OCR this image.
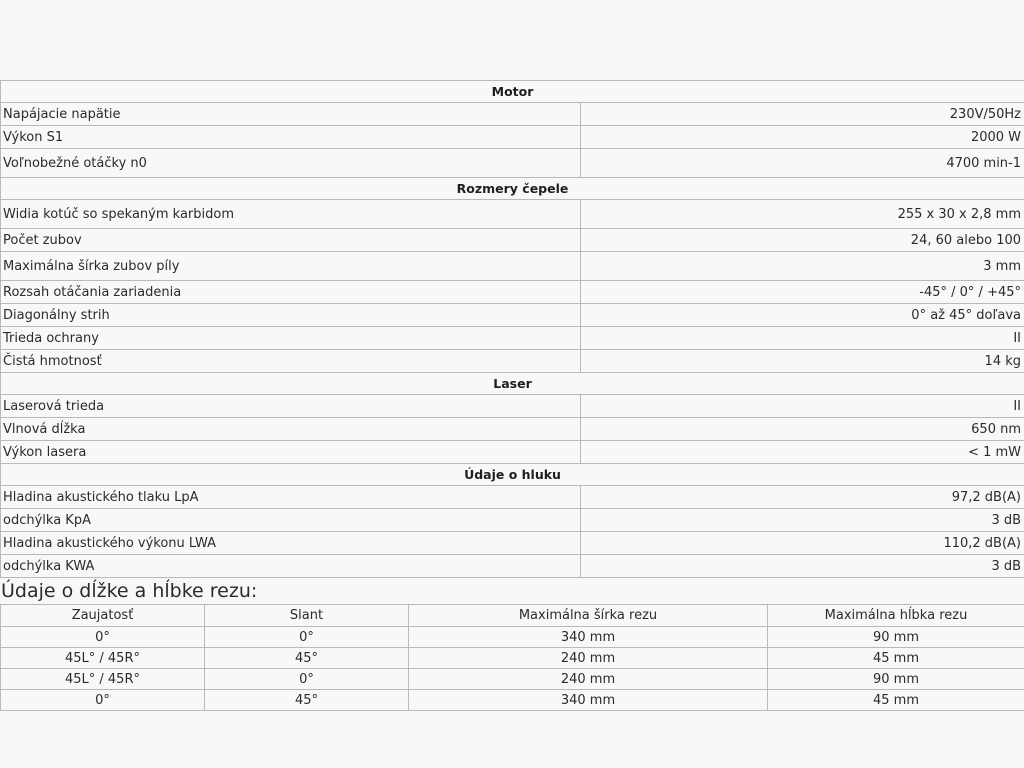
Motor	
Napájacie napätie	230V/50Hz
Výkon S1	2000 W
Voľnobežné otáčky n0	4700 min-1
Rozmery čepele	
Widia kotúč so spekaným karbidom	255 x 30 x 2,8 mm
Počet zubov	24, 60 alebo 100
Maximálna šírka zubov píly	3 mm
Rozsah otáčania zariadenia	-45° / 0° / +45°
Diagonálny strih	0° až 45° doľava
Trieda ochrany	II
Čistá hmotnosť	14 kg
Laser	
Laserová trieda	II
Vlnová dĺžka	650 nm
Výkon lasera	< 1 mW
Údaje o hluku	
Hladina akustického tlaku LpA	97,2 dB(A)
odchýlka KpA	3 dB
Hladina akustického výkonu LWA	110,2 dB(A)
odchýlka KWA	3 dB
Údaje o dĺžke a hĺbke rezu:
Zaujatosť	Slant	Maximálna šírka rezu	Maximálna hĺbka rezu
0°	0°	340 mm	90 mm
45L° / 45R°	45°	240 mm	45 mm
45L° / 45R°	0°	240 mm	90 mm
0°	45°	340 mm	45 mm
